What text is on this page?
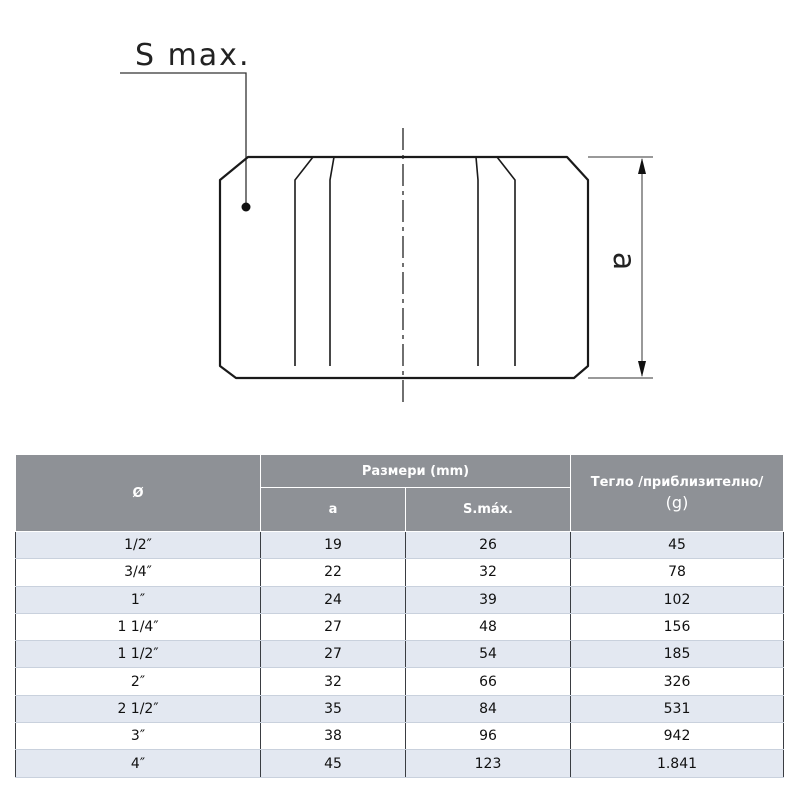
S max.
a
Ø	Размери (mm)		Тегло /приблизително/
(g)

	a	S.máx.	
1/2″	19	26	45
3/4″	22	32	78
1″	24	39	102
1 1/4″	27	48	156
1 1/2″	27	54	185
2″	32	66	326
2 1/2″	35	84	531
3″	38	96	942
4″	45	123	1.841
